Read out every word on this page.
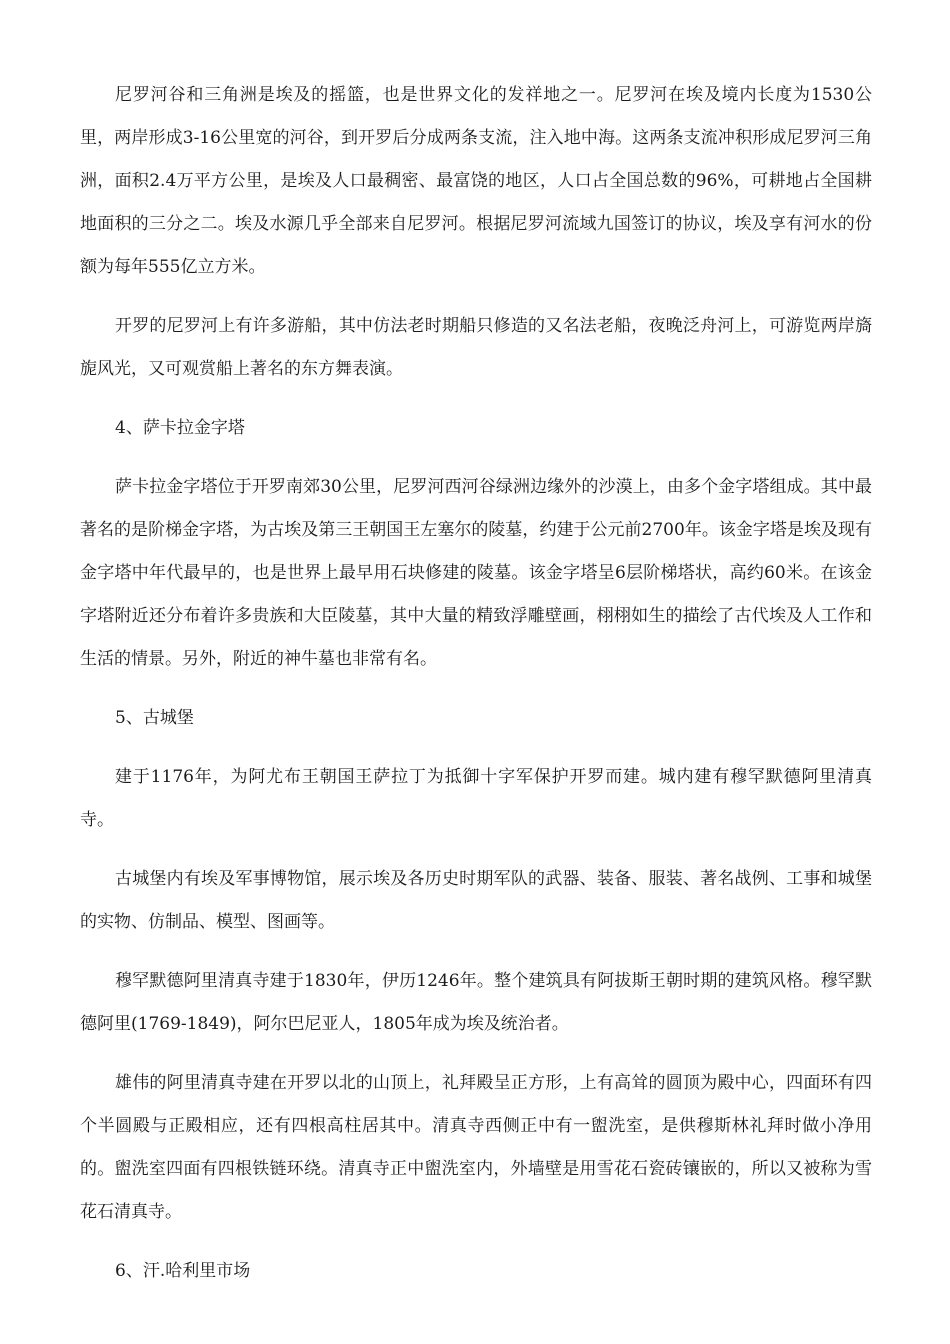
尼罗河谷和三角洲是埃及的摇篮，也是世界文化的发祥地之一。尼罗河在埃及境内长度为1530公里，两岸形成3-16公里宽的河谷，到开罗后分成两条支流，注入地中海。这两条支流冲积形成尼罗河三角洲，面积2.4万平方公里，是埃及人口最稠密、最富饶的地区，人口占全国总数的96%，可耕地占全国耕地面积的三分之二。埃及水源几乎全部来自尼罗河。根据尼罗河流域九国签订的协议，埃及享有河水的份额为每年555亿立方米。

开罗的尼罗河上有许多游船，其中仿法老时期船只修造的又名法老船，夜晚泛舟河上，可游览两岸旖旎风光，又可观赏船上著名的东方舞表演。

4、萨卡拉金字塔

萨卡拉金字塔位于开罗南郊30公里，尼罗河西河谷绿洲边缘外的沙漠上，由多个金字塔组成。其中最著名的是阶梯金字塔，为古埃及第三王朝国王左塞尔的陵墓，约建于公元前2700年。该金字塔是埃及现有金字塔中年代最早的，也是世界上最早用石块修建的陵墓。该金字塔呈6层阶梯塔状，高约60米。在该金字塔附近还分布着许多贵族和大臣陵墓，其中大量的精致浮雕壁画，栩栩如生的描绘了古代埃及人工作和生活的情景。另外，附近的神牛墓也非常有名。

5、古城堡

建于1176年，为阿尤布王朝国王萨拉丁为抵御十字军保护开罗而建。城内建有穆罕默德阿里清真寺。

古城堡内有埃及军事博物馆，展示埃及各历史时期军队的武器、装备、服装、著名战例、工事和城堡的实物、仿制品、模型、图画等。

穆罕默德阿里清真寺建于1830年，伊历1246年。整个建筑具有阿拔斯王朝时期的建筑风格。穆罕默德阿里(1769-1849)，阿尔巴尼亚人，1805年成为埃及统治者。

雄伟的阿里清真寺建在开罗以北的山顶上，礼拜殿呈正方形，上有高耸的圆顶为殿中心，四面环有四个半圆殿与正殿相应，还有四根高柱居其中。清真寺西侧正中有一盥洗室，是供穆斯林礼拜时做小净用的。盥洗室四面有四根铁链环绕。清真寺正中盥洗室内，外墙壁是用雪花石瓷砖镶嵌的，所以又被称为雪花石清真寺。

6、汗.哈利里市场
